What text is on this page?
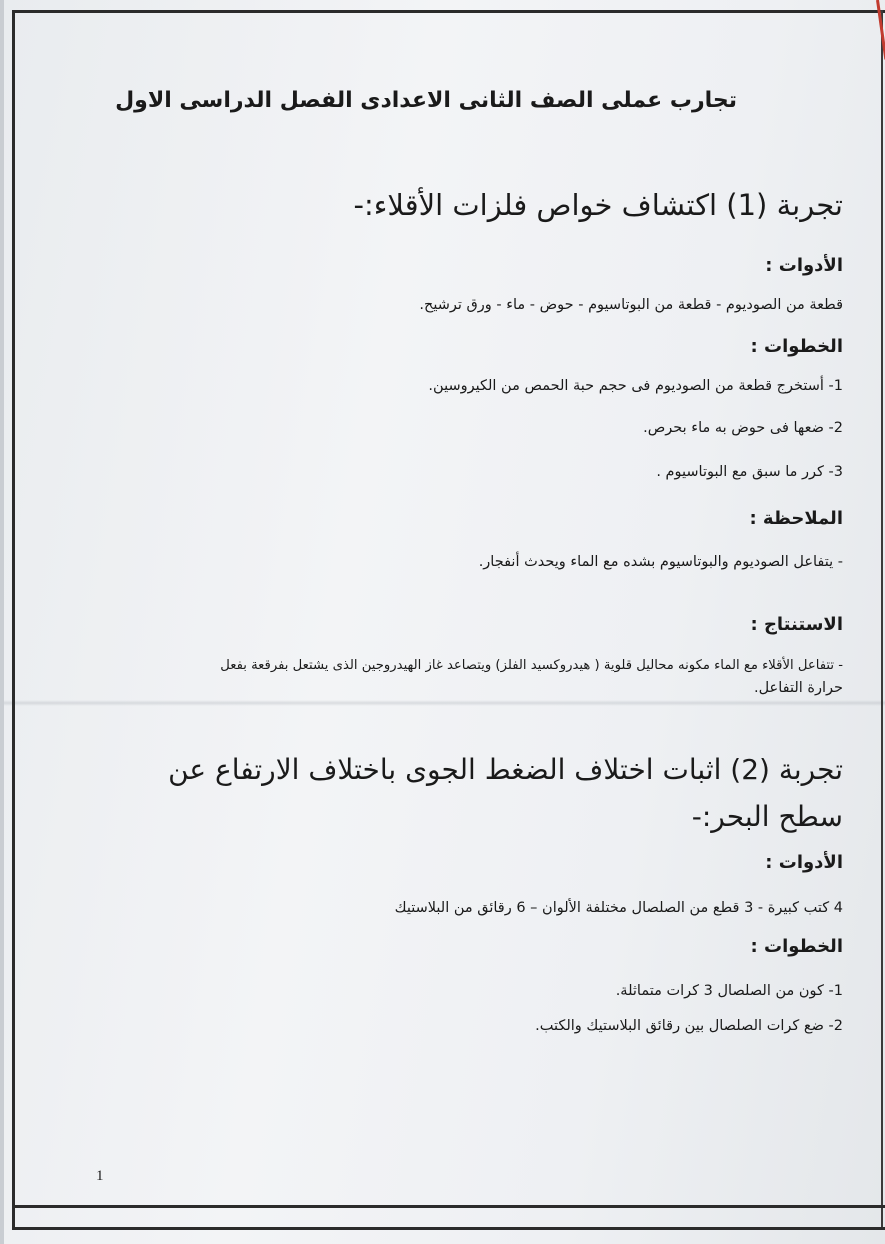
تجارب عملى الصف الثانى الاعدادى الفصل الدراسى الاول
تجربة (1) اكتشاف خواص فلزات الأقلاء:-
الأدوات :
قطعة من الصوديوم - قطعة من البوتاسيوم - حوض - ماء - ورق ترشيح.
الخطوات :
1- أستخرج قطعة من الصوديوم فى حجم حبة الحمص من الكيروسين.
2- ضعها فى حوض به ماء بحرص.
3- كرر ما سبق مع البوتاسيوم .
الملاحظة :
- يتفاعل الصوديوم والبوتاسيوم بشده مع الماء ويحدث أنفجار.
الاستنتاج :
- تتفاعل الأقلاء مع الماء مكونه محاليل قلوية ( هيدروكسيد الفلز) ويتصاعد غاز الهيدروجين الذى يشتعل بفرقعة بفعل
حرارة التفاعل.
تجربة (2) اثبات اختلاف الضغط الجوى باختلاف الارتفاع عن
سطح البحر:-
الأدوات :
4 كتب كبيرة - 3 قطع من الصلصال مختلفة الألوان – 6 رقائق من البلاستيك
الخطوات :
1- كون من الصلصال 3 كرات متماثلة.
2- ضع كرات الصلصال بين رقائق البلاستيك والكتب.
1
